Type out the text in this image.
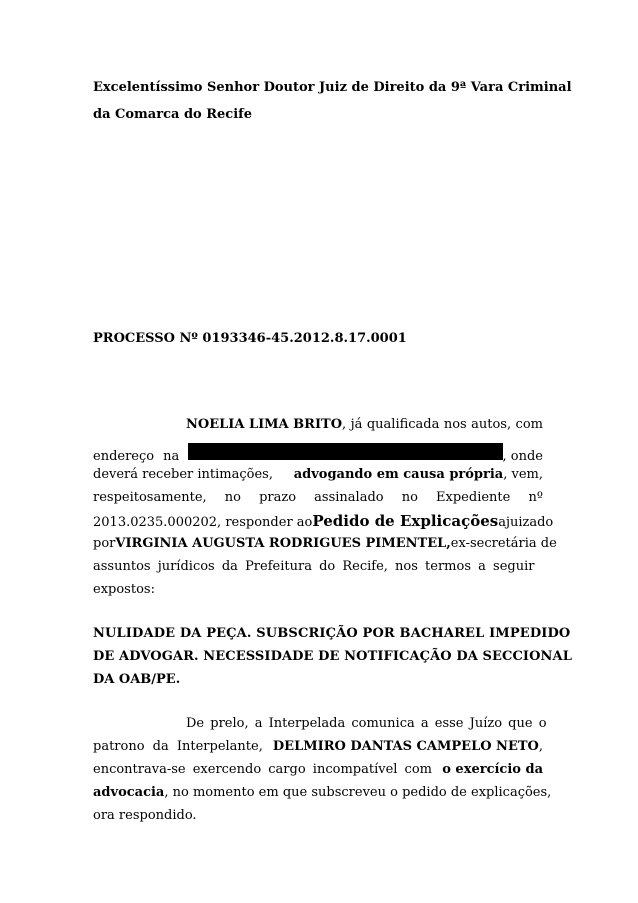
Excelentíssimo Senhor Doutor Juiz de Direito da 9ª Vara Criminal
da Comarca do Recife
PROCESSO Nº 0193346-45.2012.8.17.0001
NOELIA LIMA BRITO , já qualificada nos autos, com
endereço na	, onde
deverá receber intimações, advogando em causa própria, vem,
respeitosamente, no prazo assinalado no Expediente nº
2013.0235.000202, responder ao Pedido de Explicações ajuizado
por VIRGINIA AUGUSTA RODRIGUES PIMENTEL, ex-secretária de
assuntos jurídicos da Prefeitura do Recife, nos termos a seguir
expostos:
NULIDADE DA PEÇA. SUBSCRIÇÃO POR BACHAREL IMPEDIDO
DE ADVOGAR. NECESSIDADE DE NOTIFICAÇÃO DA SECCIONAL
DA OAB/PE.
De prelo, a Interpelada comunica a esse Juízo que o
patrono da Interpelante, DELMIRO DANTAS CAMPELO NETO,
encontrava-se exercendo cargo incompatível com o exercício da
advocacia, no momento em que subscreveu o pedido de explicações,
ora respondido.
